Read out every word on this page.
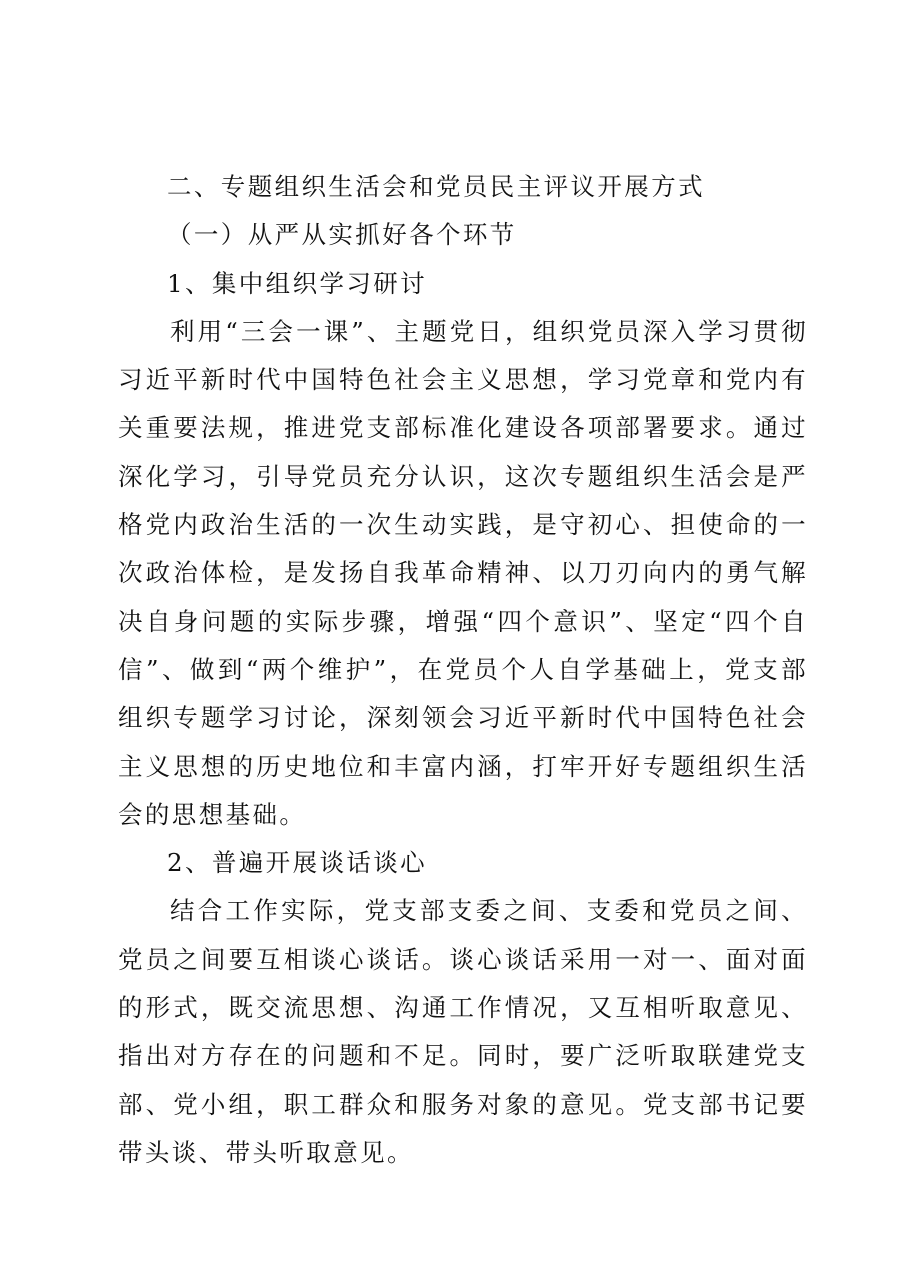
二、专题组织生活会和党员民主评议开展方式
（一）从严从实抓好各个环节
1、集中组织学习研讨

利用“三会一课”、主题党日，组织党员深入学习贯彻习近平新时代中国特色社会主义思想，学习党章和党内有关重要法规，推进党支部标准化建设各项部署要求。通过深化学习，引导党员充分认识，这次专题组织生活会是严格党内政治生活的一次生动实践，是守初心、担使命的一次政治体检，是发扬自我革命精神、以刀刃向内的勇气解决自身问题的实际步骤，增强“四个意识”、坚定“四个自信”、做到“两个维护”，在党员个人自学基础上，党支部组织专题学习讨论，深刻领会习近平新时代中国特色社会主义思想的历史地位和丰富内涵，打牢开好专题组织生活会的思想基础。

2、普遍开展谈话谈心

结合工作实际，党支部支委之间、支委和党员之间、党员之间要互相谈心谈话。谈心谈话采用一对一、面对面的形式，既交流思想、沟通工作情况，又互相听取意见、指出对方存在的问题和不足。同时，要广泛听取联建党支部、党小组，职工群众和服务对象的意见。党支部书记要带头谈、带头听取意见。
